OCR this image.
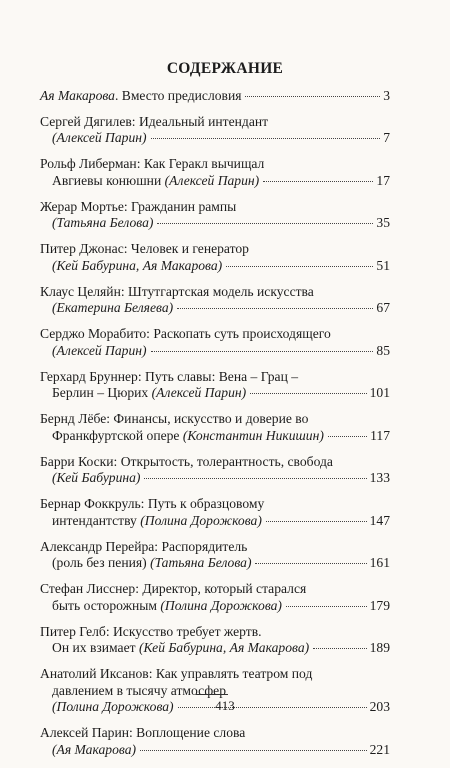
СОДЕРЖАНИЕ
Ая Макарова. Вместо предисловия	3
Сергей Дягилев: Идеальный интендант
(Алексей Парин)	7
Рольф Либерман: Как Геракл вычищал
Авгиевы конюшни (Алексей Парин)	17
Жерар Мортье: Гражданин рампы
(Татьяна Белова)	35
Питер Джонас: Человек и генератор
(Кей Бабурина, Ая Макарова)	51
Клаус Целяйн: Штутгартская модель искусства
(Екатерина Беляева)	67
Серджо Морабито: Раскопать суть происходящего
(Алексей Парин)	85
Герхард Бруннер: Путь славы: Вена – Грац –
Берлин – Цюрих (Алексей Парин)	101
Бернд Лёбе: Финансы, искусство и доверие во
Франкфуртской опере (Константин Никишин)	117
Барри Коски: Открытость, толерантность, свобода
(Кей Бабурина)	133
Бернар Фоккруль: Путь к образцовому
интендантству (Полина Дорожкова)	147
Александр Перейра: Распорядитель
(роль без пения) (Татьяна Белова)	161
Стефан Лисснер: Директор, который старался
быть осторожным (Полина Дорожкова)	179
Питер Гелб: Искусство требует жертв.
Он их взимает (Кей Бабурина, Ая Макарова)	189
Анатолий Иксанов: Как управлять театром под
давлением в тысячу атмосфер
(Полина Дорожкова)	203
Алексей Парин: Воплощение слова
(Ая Макарова)	221
413
